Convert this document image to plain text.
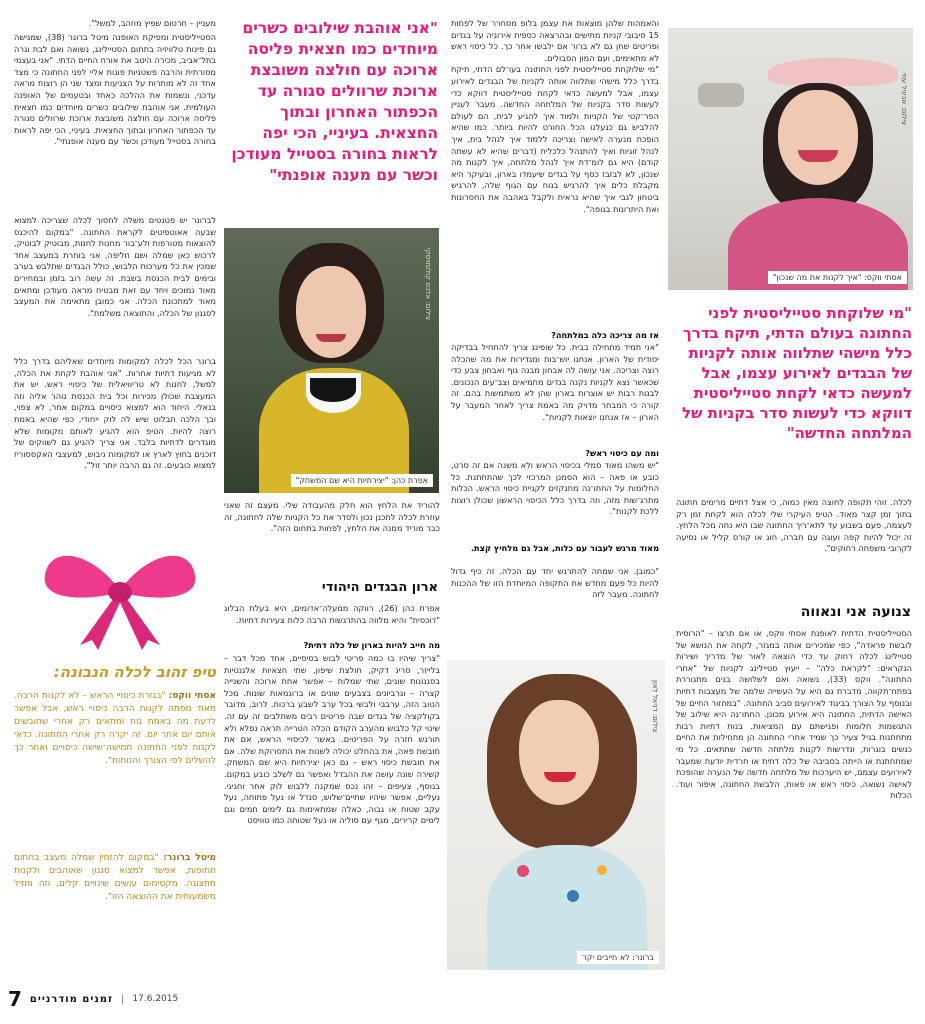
צילום: אביגיל עוזי
אסתי ווקס: "איך לקנות את מה שנכון"
והאמהות שלהן מוצאות את עצמן בלופ מסחרר של לפחות 15 סיבובי קניות מתישים ובהרצאה כספית אירוניה על בגדים ופריטים שחן גם לא ברור אם ילבשו אחר כך. כל כיסוי ראש לא מתאימים, ועם המון הסבולים.
"מי שלוקחת סטייליסטית לפני החתונה בעו־לם הדתי, תיקח בדרך כלל מישהי שתלווה אותה לקניות של הבגדים לאירוע עצמו, אבל למעשה כדאי לקחת סטייליסטית דווקא כדי לעשות סדר בקניות של המלתחה החדשה. מעבר לעניין הפר־קטי של הקניות ולמוד איך להגיע לבית, הם לעולם להלביש גם כנעלנו הכל החורט להיות ביותר. כמו שהיא הופכת מנערה לאישה וצריכה ללמוד איך לנהל בית, איך לנהל זוגיות ואיך להתנהל כלכלית (דברים שהיא לא עשתה קודם) היא גם לומ־דת איך לנהל מלתחה, איך לקנות מה שנכון, לא לבזבז כסף על בגדים שיעמדו בארון, ובעיקר היא מקבלת כלים איך להרגיש בנוח עם הגוף שלה, להרגיש ביטחון לגבי איך שהיא נראית ולקבל באהבה את החסרונות ואת היתרונות בגופה".
אז מה צריכה כלה במלתחה?
"אני תמיד מתחילה בבית. כל שופינג צריך להתחיל בבדיקה יסודית של הארון. אנחנו יוש־בות ומגדירות את מה שהכלה רוצה וצריכה. אני עושה לה אבחון מבנה גוף ואבחון צבע כדי שכאשר נצא לקניות נקנה בגדים מחמיאים וצב־עים הנכונים. לבנות רבות יש אוצרות בארון שהן לא משתמשות בהם. זה קורה כי המבחר מדויק מה באמת צריך לאחר המעבר על הארון – אז אנחנו יוצאות לקניות".
ומה עם כיסוי ראש?
"יש משהו מאוד סמלי בכיסוי הראש ולא משנה אם זה סרט, כובע או פאה – הוא הסמנן המרכזי לכך שהתחתנת. כל החלומות על החתו־נה מתנקזים לקניית כיסוי הראש. הכלות מתרג־שות מזה, וזה בדרך כלל הכיסוי הראשון שכולן רוצות ללכת לקנות".
מאוד מרגש לעבור עם כלות, אבל גם מלחיץ קצת.
"כמובן. אני שמחה להתרגש יחד עם הכלה. זה כיף גדול להיות כל פעם מחדש את התקופה המיוחדת הזו של ההכנות לחתונה. מעבר לזה
"מי שלוקחת סטייליסטית לפני החתונה בעולם הדתי, תיקח בדרך כלל מישהי שתלווה אותה לקניות של הבגדים לאירוע עצמו, אבל למעשה כדאי לקחת סטייליסטית דווקא כדי לעשות סדר בקניות של המלתחה החדשה"
לכלה. זוהי תקופה לחוצה מאין כמוה, כי אצל דתיים מרימים חתונה בתוך זמן קצר מאוד. הטיפ העיקרי שלי לכלה הוא לקחת זמן רק לעצמה, פעם בשבוע עד לתא־ריך החתונה שבו היא נחה מכל הלחץ. זה יכול להיות קפה ועוגה עם חברה, חוג או קורס קליל או נסיעה לקרובי משפחה רחוקים".
צנועה אני ונאווה
הסטייליסטית הדתית לאופנת אסתי ווקס, או אם תרצו – "הרוסית לובשת פראדה", כפי שמכירים אותה במגזר, לקחה את הנושא של סטיילינג לכלה רחוק עד כדי הוצאה לאור של מדריך ושירות הנקראים: "לקראת כלה" – ייעוץ סטיילינג לקניות של "אחרי החתונה". ווקס (33), נשואה ואם לשלושה בנים מתגוררת בפתח־תקווה, מדברת גם היא על העשייה שלמה של מעצבות דתיות ובנוסף על הצורך בביגוד לאירועים סביב החתונה. "במחזור החיים של האישה הדתית, החתונה היא אירוע מכונן. החתו־נה היא שילוב של התגשמות חלומות ופגישתם עם המציאות. בנות דתיות רבות מתחתנות בגיל צעיר כך שמיד אחרי החתונה הן מתחילות את החיים כנשים בוגרות, ונדרשות לקנות מלתחה חדשה שתתאים. כל מי שמתחתנת או הייתה בסביבה של כלה דתית או חרדית יודעת שמעבר לאירועים עצמם, יש היערכות של מלתחה חדשה של הנערה שהופכת לאישה נשואה, כיסוי ראש או פאות, הלבשת החתונה, איפור ועוד. הכלות
צילום: דניאל לאון
ברונר: לא חייבים יקר
"אני אוהבת שילובים כשרים מיוחדים כמו חצאית פליסה ארוכה עם חולצה משובצת ארוכת שרוולים סגורה עד הכפתור האחרון ובתוך החצאית. בעיניי, הכי יפה לראות בחורה בסטייל מעודכן וכשר עם מענה אופנתי"
צילום: אלכס קולומויסקי
אפרת כהן: "יצירתיות היא שם המשחק"
להוריד את הלחץ הוא חלק מהעבודה שלי. מעצם זה שאני עוזרת לכלה לתכנן נכון ולסדר את כל הקניות שלה לחתונה, זה כבר מוריד ממנה את הלחץ, לפחות בתחום הזה".
ארון הבגדים היהודי
אפרת כהן (26), רווקה ממעלה־אדומים, היא בעלת הבלוג "דוכסית" והיא מלווה בהתרגשות הרבה כלות צעירות דתיות.
מה חייב להיות בארון של כלה דתית?
"צריך שיהיו בו כמה פריטי לבוש בסיסיים, אחד מכל דבר – בלייזר, סריג דקיק, חולצת שיפון, שתי חצאיות אלגנטיות בסגנונות שונים, שתי שמלות – אפשר אחת ארוכה והשנייה קצרה – וגרביונים בצבעים שונים או ברוגמאות שונות. מכל הטוב הזה, ערבבי ולבשי בכל ערב לשבע ברכות. לרוב, מדובר בקולקציה של בגדים שבה פריטים רבים משתלבים זה עם זה. שינוי קל כלבוש מהערב הקודם הכלה הטרייה תראה נפלא ולא תורגש חזרה על הפריטים. באשר לכיסויי הראש, אם את חובשת פאה, את בהחלט יכולה לשנות את התסרוקת שלה. אם את חובשת כיסוי ראש – גם כאן יצירתיות היא שם המשחק. קשירה שונה עושה את ההבדל ואפשר גם לשלב כובע במקום. בנוסף, צעיפים – זהו נכס שמקנה ללבוש לוק אחר וחגיגי. נעליים, אפשר שיהיו שתיים־שלוש, סנדל או נעל פתוחה, נעל עקב שטוח או גבוה, כאלה שמתאימות גם לימים חמים וגם לימים קרירים, מגף עם סוליה או נעל שטוחה כמו טוויסט
מעניין – חרטום שפיץ מוזהב, למשל".
הסטייליסטית ומפיקת האופנה מיטל ברונר (38), שמגישה גם פינות טלוויזיה בתחום הסטיילינג, נשואה ואם לבת וגרה בתל־אביב, מכירה היטב את אורח החיים הדתי. "אני בעצמי מסורתית והרבה פשטניות פונות אליי לפני החתונה כי מצד אחד זה לא מותרות על הצניעות ומצד שני הן רוצות מראה עדכני, ונשמות את ההלכה כאחד ובטעמים של האופנה העולמית. אני אוהבת שילובים כשרים מיוחדים כמו חצאית פליסה ארוכה עם חולצה משובצת ארוכת שרוולים סגורה עד הכפתור האחרון ובתוך החצאית. בעיניי, הכי יפה לראות בחורה בסטייל מעודכן וכשר עם מענה אופנתי".
לברונר יש פטנטים משלה לחסוך לכלה שצריכה למצוא שבעה אאוטפיטים לקראת החתונה. "במקום להיכנס להוצאות מטורפות ולע־בור מחנות לחנות, מבוטיק לבוטיק, לרכוש כאן שמלה ושם חליפה, אני בוחרת במעצב אחד שמכין את כל מערכות הלבוש, כולל הבגדים שתלבש בערב ובימים לבית הכנסת בשבת. זה עשה רוב בזמן ובמחירים מאוד נמוכים ויחד עם זאת מבטיח מראה מעודכן ומתאים מאוד למתכונת הכלה. אני כמובן מתאימה את המעצב לסגנון של הכלה, והתוצאה משלמת".
ברונר הכל לכלה למקומות מיוחדים שאליהם בדרך כלל לא מגיעות דתיות אחרות. "אני אוהבת לקחת את הכלה, למשל, לחנות לא טריוויאלית של כיסויי ראש. יש את המעצבת שכולן מכירות וכל בית הכנסת נוהר אליה וזה בנאלי. היחוד הוא למצוא כיסויים במקום אחר, לא צפוי, ובך הלכה תבלוט שיש לה לוק ייחודי, כפי שהיא באמת רוצה להיות. הטיפ הוא להגיע לאותם מקומות שלא מוגדרים לדתיות בלבד. אני צריך להגיע גם לשווקים של דוכנים בחוץ לארץ או למקומות גיבוש, למעצבי האקססוריז למצוא כובעים. זה גם הרבה יותר זול".
טיפ זהוב לכלה הנבונה:
אסתי ווקס: "בגזרת כיסויי הראש – לא לקנות הרבה. מאוד מפתה לקנות הרבה כיסויי ראש, אבל אפשר לדעת מה באמת נוח ומתאים רק אחרי שחובשים אותם יום אחר יום. זה יקרה רק אחרי החתונה. כדאי לקנות לפני החתונה חמישה־שישה כיסויים ואחר כך להשלים לפי הצורך והנוחות".
מיטל ברונר: "במקום להזמין שמלה מעצב בתחום תחופות, אפשר למצוא סגנון שאוהבים ולקנות מתצוגה. מקסימום עושים שינויים קלים, וזה מוזיל משמעותית את ההוצאה הזו".
7 זמנים מודרניים | 17.6.2015
